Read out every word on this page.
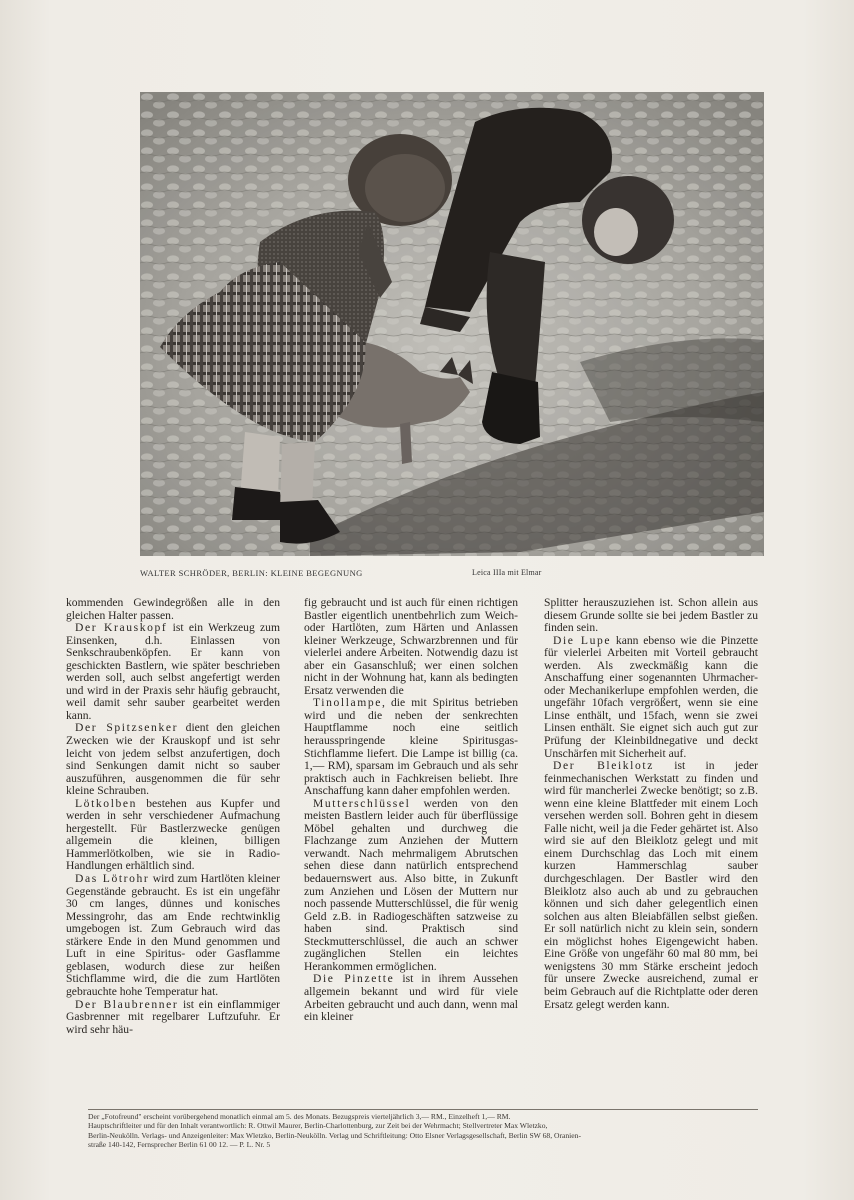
WALTER SCHRÖDER, BERLIN: KLEINE BEGEGNUNG	Leica IIIa mit Elmar

kommenden Gewindegrößen alle in den gleichen Halter passen.

Der Krauskopf ist ein Werkzeug zum Einsenken, d.h. Einlassen von Senkschraubenköpfen. Er kann von geschickten Bastlern, wie später beschrieben werden soll, auch selbst angefertigt werden und wird in der Praxis sehr häufig gebraucht, weil damit sehr sauber gearbeitet werden kann.

Der Spitzsenker dient den gleichen Zwecken wie der Krauskopf und ist sehr leicht von jedem selbst anzufertigen, doch sind Senkungen damit nicht so sauber auszuführen, ausgenommen die für sehr kleine Schrauben.

Lötkolben bestehen aus Kupfer und werden in sehr verschiedener Aufmachung hergestellt. Für Bastlerzwecke genügen allgemein die kleinen, billigen Hammerlötkolben, wie sie in Radio-Handlungen erhältlich sind.

Das Lötrohr wird zum Hartlöten kleiner Gegenstände gebraucht. Es ist ein ungefähr 30 cm langes, dünnes und konisches Messingrohr, das am Ende rechtwinklig umgebogen ist. Zum Gebrauch wird das stärkere Ende in den Mund genommen und Luft in eine Spiritus- oder Gasflamme geblasen, wodurch diese zur heißen Stichflamme wird, die die zum Hartlöten gebrauchte hohe Temperatur hat.

Der Blaubrenner ist ein einflammiger Gasbrenner mit regelbarer Luftzufuhr. Er wird sehr häu-

fig gebraucht und ist auch für einen richtigen Bastler eigentlich unentbehrlich zum Weich- oder Hartlöten, zum Härten und Anlassen kleiner Werkzeuge, Schwarzbrennen und für vielerlei andere Arbeiten. Notwendig dazu ist aber ein Gasanschluß; wer einen solchen nicht in der Wohnung hat, kann als bedingten Ersatz verwenden die

Tinollampe, die mit Spiritus betrieben wird und die neben der senkrechten Hauptflamme noch eine seitlich herausspringende kleine Spiritusgas-Stichflamme liefert. Die Lampe ist billig (ca. 1,— RM), sparsam im Gebrauch und als sehr praktisch auch in Fachkreisen beliebt. Ihre Anschaffung kann daher empfohlen werden.

Mutterschlüssel werden von den meisten Bastlern leider auch für überflüssige Möbel gehalten und durchweg die Flachzange zum Anziehen der Muttern verwandt. Nach mehrmaligem Abrutschen sehen diese dann natürlich entsprechend bedauernswert aus. Also bitte, in Zukunft zum Anziehen und Lösen der Muttern nur noch passende Mutterschlüssel, die für wenig Geld z.B. in Radiogeschäften satzweise zu haben sind. Praktisch sind Steckmutterschlüssel, die auch an schwer zugänglichen Stellen ein leichtes Herankommen ermöglichen.

Die Pinzette ist in ihrem Aussehen allgemein bekannt und wird für viele Arbeiten gebraucht und auch dann, wenn mal ein kleiner

Splitter herauszuziehen ist. Schon allein aus diesem Grunde sollte sie bei jedem Bastler zu finden sein.

Die Lupe kann ebenso wie die Pinzette für vielerlei Arbeiten mit Vorteil gebraucht werden. Als zweckmäßig kann die Anschaffung einer sogenannten Uhrmacher- oder Mechanikerlupe empfohlen werden, die ungefähr 10fach vergrößert, wenn sie eine Linse enthält, und 15fach, wenn sie zwei Linsen enthält. Sie eignet sich auch gut zur Prüfung der Kleinbildnegative und deckt Unschärfen mit Sicherheit auf.

Der Bleiklotz ist in jeder feinmechanischen Werkstatt zu finden und wird für mancherlei Zwecke benötigt; so z.B. wenn eine kleine Blattfeder mit einem Loch versehen werden soll. Bohren geht in diesem Falle nicht, weil ja die Feder gehärtet ist. Also wird sie auf den Bleiklotz gelegt und mit einem Durchschlag das Loch mit einem kurzen Hammerschlag sauber durchgeschlagen. Der Bastler wird den Bleiklotz also auch ab und zu gebrauchen können und sich daher gelegentlich einen solchen aus alten Bleiabfällen selbst gießen. Er soll natürlich nicht zu klein sein, sondern ein möglichst hohes Eigengewicht haben. Eine Größe von ungefähr 60 mal 80 mm, bei wenigstens 30 mm Stärke erscheint jedoch für unsere Zwecke ausreichend, zumal er beim Gebrauch auf die Richtplatte oder deren Ersatz gelegt werden kann.

Der „Fotofreund" erscheint vorübergehend monatlich einmal am 5. des Monats. Bezugspreis vierteljährlich 3,— RM., Einzelheft 1,— RM.
Hauptschriftleiter und für den Inhalt verantwortlich: R. Ottwil Maurer, Berlin-Charlottenburg, zur Zeit bei der Wehrmacht; Stellvertreter Max Wletzko,
Berlin-Neukölln. Verlags- und Anzeigenleiter: Max Wletzko, Berlin-Neukölln. Verlag und Schriftleitung: Otto Elsner Verlagsgesellschaft, Berlin SW 68, Oranien-
straße 140-142, Fernsprecher Berlin 61 00 12. — P. L. Nr. 5
